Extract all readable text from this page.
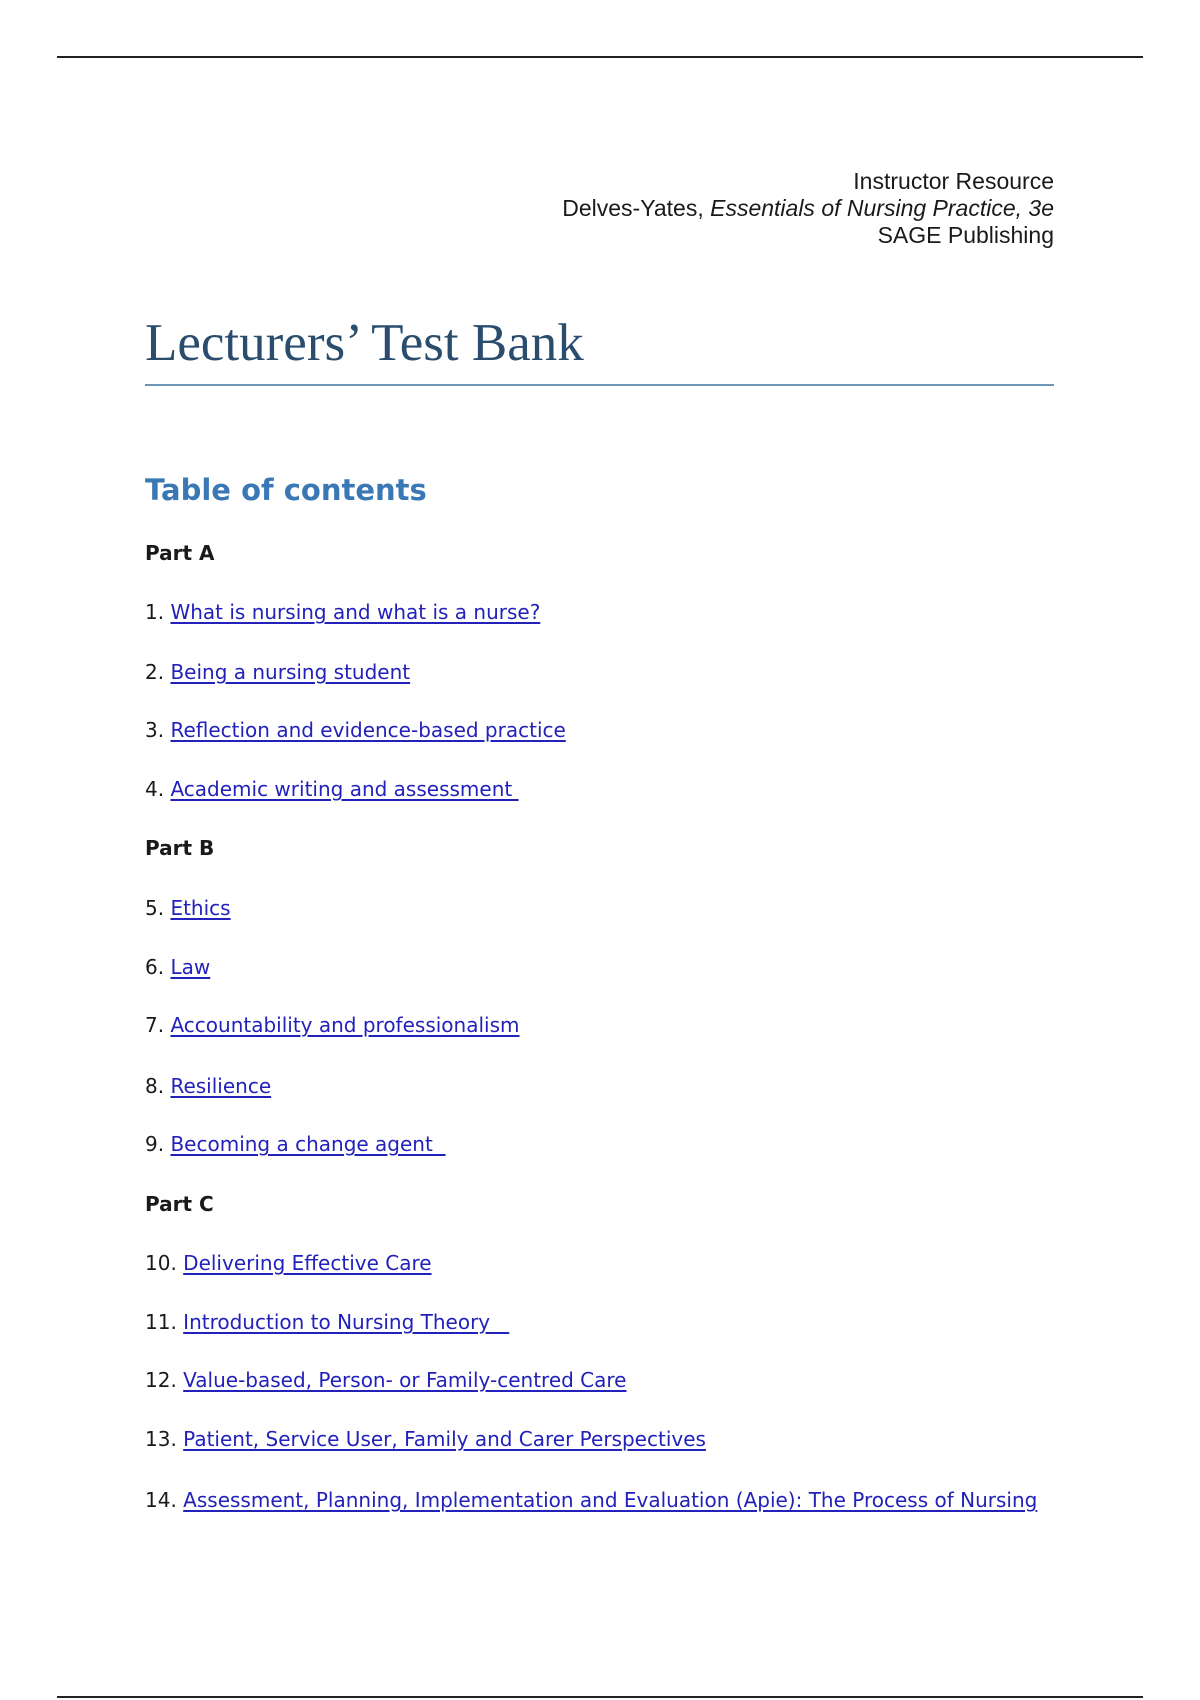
Instructor Resource
Delves-Yates, Essentials of Nursing Practice, 3e
SAGE Publishing
Lecturers’ Test Bank
Table of contents
Part A
1. What is nursing and what is a nurse?
2. Being a nursing student
3. Reflection and evidence-based practice
4. Academic writing and assessment
Part B
5. Ethics
6. Law
7. Accountability and professionalism
8. Resilience
9. Becoming a change agent
Part C
10. Delivering Effective Care
11. Introduction to Nursing Theory
12. Value-based, Person- or Family-centred Care
13. Patient, Service User, Family and Carer Perspectives
14. Assessment, Planning, Implementation and Evaluation (Apie): The Process of Nursing
